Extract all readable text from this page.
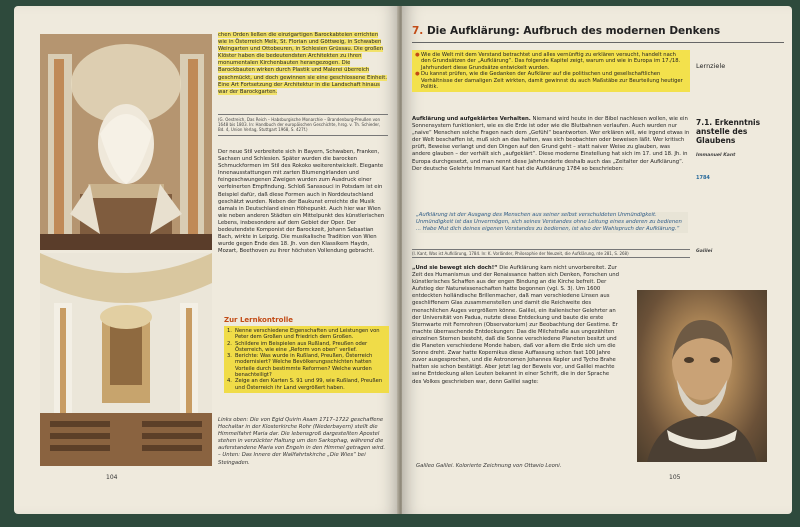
chen Orden ließen die einzigartigen Barockabteien errichten wie in Österreich Melk, St. Florian und Göttweig, in Schwaben Weingarten und Ottobeuren, in Schlesien Grüssau. Die großen Klöster haben die bedeutendsten Architekten zu ihren monumentalen Kirchenbauten herangezogen. Die Barockbauten wirken durch Plastik und Malerei überreich geschmückt, und doch gewinnen sie eine geschlossene Einheit. Eine Art Fortsetzung der Architektur in die Landschaft hinaus war der Barockgarten.
(G. Oestreich, Das Reich – Habsburgische Monarchie – Brandenburg-Preußen von 1648 bis 1803. In: Handbuch der europäischen Geschichte, hrsg. v. Th. Schieder, Bd. 4, Union Verlag, Stuttgart 1968, S. 427f.)
Der neue Stil verbreitete sich in Bayern, Schwaben, Franken, Sachsen und Schlesien. Später wurden die barocken Schmuckformen im Stil des Rokoko weiterentwickelt. Elegante Innenausstattungen mit zarten Blumengirlanden und feingeschwungenen Zweigen wurden zum Ausdruck einer verfeinerten Empfindung. Schloß Sanssouci in Potsdam ist ein Beispiel dafür, daß diese Formen auch in Norddeutschland geschätzt wurden. Neben der Baukunst erreichte die Musik damals in Deutschland einen Höhepunkt. Auch hier war Wien wie neben anderen Städten ein Mittelpunkt des künstlerischen Lebens, insbesondere auf dem Gebiet der Oper. Der bedeutendste Komponist der Barockzeit, Johann Sebastian Bach, wirkte in Leipzig. Die musikalische Tradition von Wien wurde gegen Ende des 18. Jh. von den Klassikern Haydn, Mozart, Beethoven zu ihrer höchsten Vollendung gebracht.
Zur Lernkontrolle
1. Nenne verschiedene Eigenschaften und Leistungen von Peter dem Großen und Friedrich dem Großen.
2. Schildere im Beispielen aus Rußland, Preußen oder Österreich, wie eine „Reform von oben“ verlief.
3. Berichte: Was wurde in Rußland, Preußen, Österreich modernisiert? Welche Bevölkerungsschichten hatten Vorteile durch bestimmte Reformen? Welche wurden benachteiligt?
4. Zeige an den Karten S. 91 und 99, wie Rußland, Preußen und Österreich ihr Land vergrößert haben.
Links oben: Die von Egid Quirin Asam 1717–1722 geschaffene Hochaltar in der Klosterkirche Rohr (Niederbayern) stellt die Himmelfahrt Maria dar. Die lebensgroß dargestellten Apostel stehen in verzückter Haltung um den Sarkophag, während die auferstandene Maria von Engeln in den Himmel getragen wird. – Unten: Das Innere der Wallfahrtskirche „Die Wies“ bei Steingaden.
104
7. Die Aufklärung: Aufbruch des modernen Denkens
● Wie die Welt mit dem Verstand betrachtet und alles vernünftig zu erklären versucht, handelt nach den Grundsätzen der „Aufklärung“. Das folgende Kapitel zeigt, warum und wie in Europa im 17./18. Jahrhundert diese Grundsätze entwickelt wurden.
● Du kannst prüfen, wie die Gedanken der Aufklärer auf die politischen und gesellschaftlichen Verhältnisse der damaligen Zeit wirkten, damit gewinnst du auch Maßstäbe zur Beurteilung heutiger Politik.
Lernziele
7.1. Erkenntnis anstelle des Glaubens
Immanuel Kant
1784
Galilei
Aufklärung und aufgeklärtes Verhalten. Niemand wird heute in der Bibel nachlesen wollen, wie ein Sonnensystem funktioniert, wie es die Erde ist oder wie die Blutbahnen verlaufen. Auch wurden nur „naive“ Menschen solche Fragen nach dem „Gefühl“ beantworten. Wer erklären will, wie irgend etwas in der Welt beschaffen ist, muß sich an das halten, was sich beobachten oder beweisen läßt. Wer kritisch prüft, Beweise verlangt und den Dingen auf den Grund geht – statt naiver Weise zu glauben, was andere glauben – der verhält sich „aufgeklärt“. Diese moderne Einstellung hat sich im 17. und 18. Jh. in Europa durchgesetzt, und man nennt diese Jahrhunderte deshalb auch das „Zeitalter der Aufklärung“. Der deutsche Gelehrte Immanuel Kant hat die Aufklärung 1784 so beschrieben:
„Aufklärung ist der Ausgang des Menschen aus seiner selbst verschuldeten Unmündigkeit. Unmündigkeit ist das Unvermögen, sich seines Verstandes ohne Leitung eines anderen zu bedienen ... Habe Mut dich deines eigenen Verstandes zu bedienen, ist also der Wahlspruch der Aufklärung.“
(I. Kant, Was ist Aufklärung, 1784. In: K. Vorländer, Philosophie der Neuzeit, die Aufklärung, rde 281, S. 268)
„Und sie bewegt sich doch!“ Die Aufklärung kam nicht unvorbereitet. Zur Zeit des Humanismus und der Renaissance hatten sich Denken, Forschen und künstlerisches Schaffen aus der engen Bindung an die Kirche befreit. Der Aufstieg der Naturwissenschaften hatte begonnen (vgl. S. 3). Um 1600 entdeckten holländische Brillenmacher, daß man verschiedene Linsen aus geschliffenem Glas zusammenstellen und damit die Reichweite des menschlichen Auges vergrößern könne. Galilei, ein italienischer Gelehrter an der Universität von Padua, nutzte diese Entdeckung und baute die erste Sternwarte mit Fernrohren (Observatorium) zur Beobachtung der Gestirne. Er machte überraschende Entdeckungen: Das die Milchstraße aus ungezählten einzelnen Sternen besteht, daß die Sonne verschiedene Planeten besitzt und die Planeten verschiedene Monde haben, daß vor allem die Erde sich um die Sonne dreht. Zwar hatte Kopernikus diese Auffassung schon fast 100 Jahre zuvor ausgesprochen, und die Astronomen Johannes Kepler und Tycho Brahe hatten sie schon bestätigt. Aber jetzt lag der Beweis vor, und Galilei machte seine Entdeckung allen Leuten bekannt in einer Schrift, die in der Sprache des Volkes geschrieben war, denn Galilei sagte:
Galileo Galilei. Kolorierte Zeichnung von Ottavio Leoni.
105
